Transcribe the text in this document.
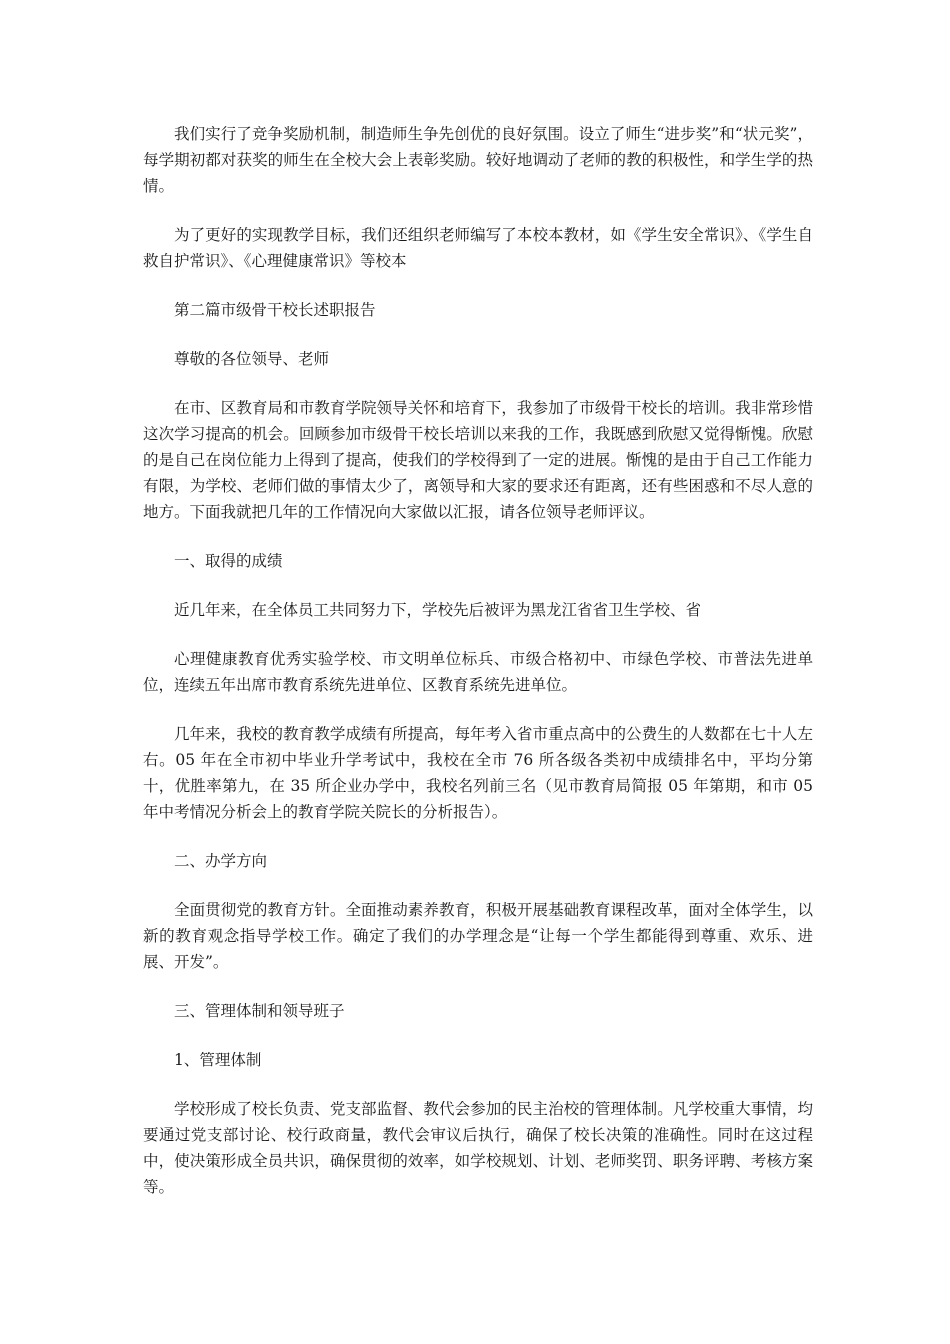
我们实行了竞争奖励机制，制造师生争先创优的良好氛围。设立了师生“进步奖”和“状元奖”，每学期初都对获奖的师生在全校大会上表彰奖励。较好地调动了老师的教的积极性，和学生学的热情。

为了更好的实现教学目标，我们还组织老师编写了本校本教材，如《学生安全常识》、《学生自救自护常识》、《心理健康常识》等校本

第二篇市级骨干校长述职报告

尊敬的各位领导、老师

在市、区教育局和市教育学院领导关怀和培育下，我参加了市级骨干校长的培训。我非常珍惜这次学习提高的机会。回顾参加市级骨干校长培训以来我的工作，我既感到欣慰又觉得惭愧。欣慰的是自己在岗位能力上得到了提高，使我们的学校得到了一定的进展。惭愧的是由于自己工作能力有限，为学校、老师们做的事情太少了，离领导和大家的要求还有距离，还有些困惑和不尽人意的地方。下面我就把几年的工作情况向大家做以汇报，请各位领导老师评议。

一、取得的成绩

近几年来，在全体员工共同努力下，学校先后被评为黑龙江省省卫生学校、省

心理健康教育优秀实验学校、市文明单位标兵、市级合格初中、市绿色学校、市普法先进单位，连续五年出席市教育系统先进单位、区教育系统先进单位。

几年来，我校的教育教学成绩有所提高，每年考入省市重点高中的公费生的人数都在七十人左右。05 年在全市初中毕业升学考试中，我校在全市 76 所各级各类初中成绩排名中，平均分第十，优胜率第九，在 35 所企业办学中，我校名列前三名（见市教育局简报 05 年第期，和市 05 年中考情况分析会上的教育学院关院长的分析报告）。

二、办学方向

全面贯彻党的教育方针。全面推动素养教育，积极开展基础教育课程改革，面对全体学生，以新的教育观念指导学校工作。确定了我们的办学理念是“让每一个学生都能得到尊重、欢乐、进展、开发”。

三、管理体制和领导班子

1、管理体制

学校形成了校长负责、党支部监督、教代会参加的民主治校的管理体制。凡学校重大事情，均要通过党支部讨论、校行政商量，教代会审议后执行，确保了校长决策的准确性。同时在这过程中，使决策形成全员共识，确保贯彻的效率，如学校规划、计划、老师奖罚、职务评聘、考核方案等。
